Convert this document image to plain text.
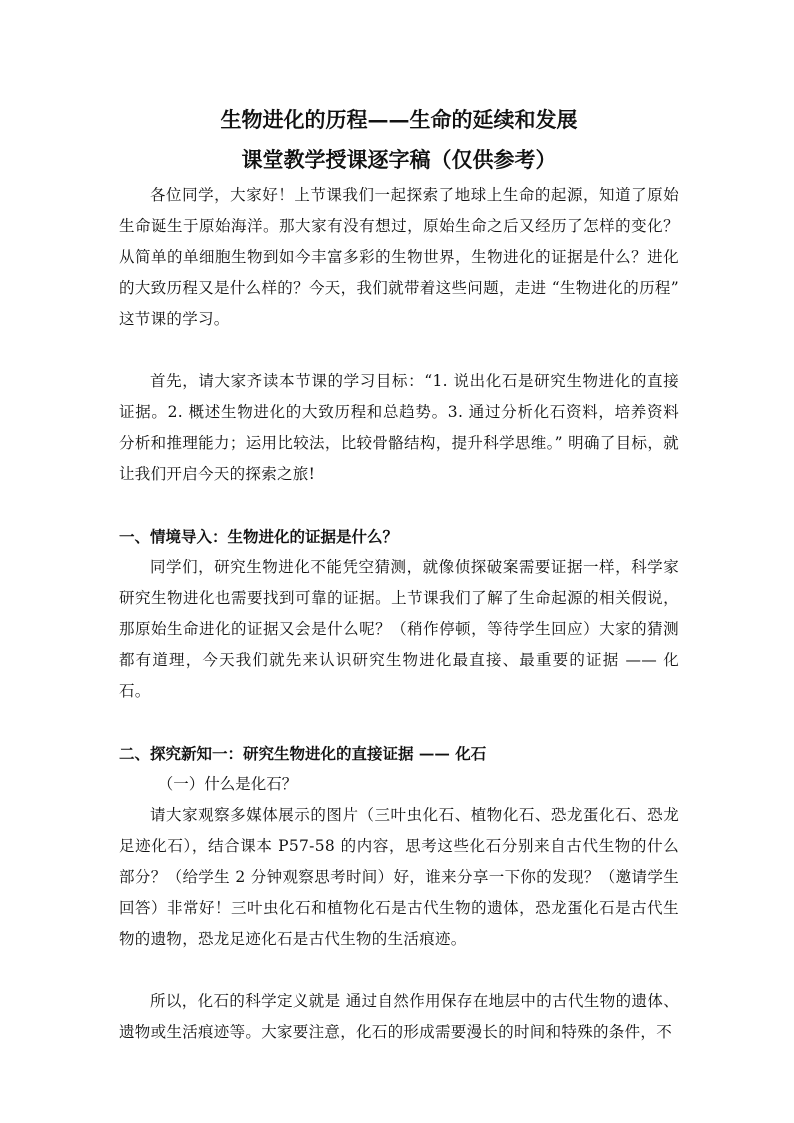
生物进化的历程——生命的延续和发展
课堂教学授课逐字稿（仅供参考）

各位同学，大家好！上节课我们一起探索了地球上生命的起源，知道了原始生命诞生于原始海洋。那大家有没有想过，原始生命之后又经历了怎样的变化？从简单的单细胞生物到如今丰富多彩的生物世界，生物进化的证据是什么？进化的大致历程又是什么样的？今天，我们就带着这些问题，走进 “生物进化的历程” 这节课的学习。

首先，请大家齐读本节课的学习目标：“1. 说出化石是研究生物进化的直接证据。2. 概述生物进化的大致历程和总趋势。3. 通过分析化石资料，培养资料分析和推理能力；运用比较法，比较骨骼结构，提升科学思维。” 明确了目标，就让我们开启今天的探索之旅!

一、情境导入：生物进化的证据是什么？

同学们，研究生物进化不能凭空猜测，就像侦探破案需要证据一样，科学家研究生物进化也需要找到可靠的证据。上节课我们了解了生命起源的相关假说，那原始生命进化的证据又会是什么呢？（稍作停顿，等待学生回应）大家的猜测都有道理，今天我们就先来认识研究生物进化最直接、最重要的证据 —— 化石。

二、探究新知一：研究生物进化的直接证据 —— 化石

（一）什么是化石？

请大家观察多媒体展示的图片（三叶虫化石、植物化石、恐龙蛋化石、恐龙足迹化石），结合课本 P57-58 的内容，思考这些化石分别来自古代生物的什么部分？（给学生 2 分钟观察思考时间）好，谁来分享一下你的发现？（邀请学生回答）非常好！三叶虫化石和植物化石是古代生物的遗体，恐龙蛋化石是古代生物的遗物，恐龙足迹化石是古代生物的生活痕迹。

所以，化石的科学定义就是 通过自然作用保存在地层中的古代生物的遗体、遗物或生活痕迹等。大家要注意，化石的形成需要漫长的时间和特殊的条件，不
